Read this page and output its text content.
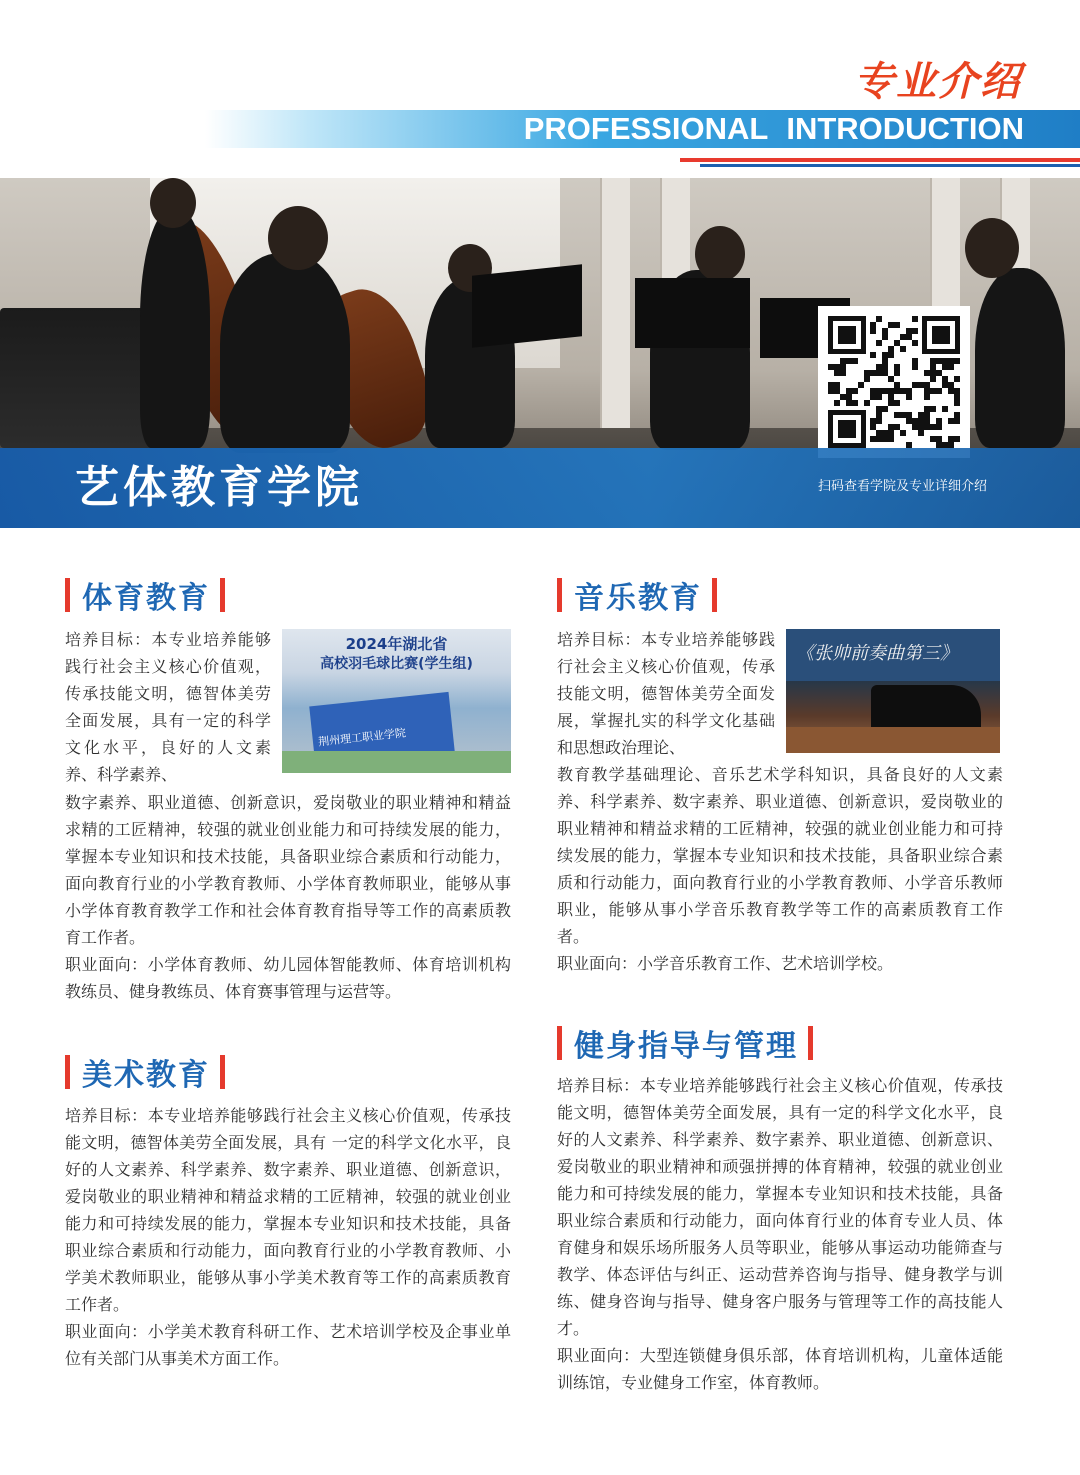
专业介绍
PROFESSIONAL INTRODUCTION
艺体教育学院	扫码查看学院及专业详细介绍
体育教育
2024年湖北省
高校羽毛球比赛(学生组)
荆州理工职业学院

培养目标：本专业培养能够践行社会主义核心价值观，传承技能文明，德智体美劳全面发展，具有一定的科学文化水平，良好的人文素养、科学素养、

数字素养、职业道德、创新意识，爱岗敬业的职业精神和精益求精的工匠精神，较强的就业创业能力和可持续发展的能力，掌握本专业知识和技术技能，具备职业综合素质和行动能力，面向教育行业的小学教育教师、小学体育教师职业，能够从事小学体育教育教学工作和社会体育教育指导等工作的高素质教育工作者。

职业面向：小学体育教师、幼儿园体智能教师、体育培训机构教练员、健身教练员、体育赛事管理与运营等。

美术教育

培养目标：本专业培养能够践行社会主义核心价值观，传承技能文明，德智体美劳全面发展，具有 一定的科学文化水平，良好的人文素养、科学素养、数字素养、职业道德、创新意识，爱岗敬业的职业精神和精益求精的工匠精神，较强的就业创业能力和可持续发展的能力，掌握本专业知识和技术技能，具备职业综合素质和行动能力，面向教育行业的小学教育教师、小学美术教师职业，能够从事小学美术教育等工作的高素质教育工作者。

职业面向：小学美术教育科研工作、艺术培训学校及企事业单位有关部门从事美术方面工作。

音乐教育
《张帅前奏曲第三》

培养目标：本专业培养能够践行社会主义核心价值观，传承技能文明，德智体美劳全面发展，掌握扎实的科学文化基础和思想政治理论、

教育教学基础理论、音乐艺术学科知识，具备良好的人文素养、科学素养、数字素养、职业道德、创新意识，爱岗敬业的职业精神和精益求精的工匠精神，较强的就业创业能力和可持续发展的能力，掌握本专业知识和技术技能，具备职业综合素质和行动能力，面向教育行业的小学教育教师、小学音乐教师职业，能够从事小学音乐教育教学等工作的高素质教育工作者。

职业面向：小学音乐教育工作、艺术培训学校。

健身指导与管理

培养目标：本专业培养能够践行社会主义核心价值观，传承技能文明，德智体美劳全面发展，具有一定的科学文化水平，良好的人文素养、科学素养、数字素养、职业道德、创新意识、爱岗敬业的职业精神和顽强拼搏的体育精神，较强的就业创业能力和可持续发展的能力，掌握本专业知识和技术技能，具备职业综合素质和行动能力，面向体育行业的体育专业人员、体育健身和娱乐场所服务人员等职业，能够从事运动功能筛查与教学、体态评估与纠正、运动营养咨询与指导、健身教学与训练、健身咨询与指导、健身客户服务与管理等工作的高技能人才。

职业面向：大型连锁健身俱乐部，体育培训机构，儿童体适能训练馆，专业健身工作室，体育教师。
